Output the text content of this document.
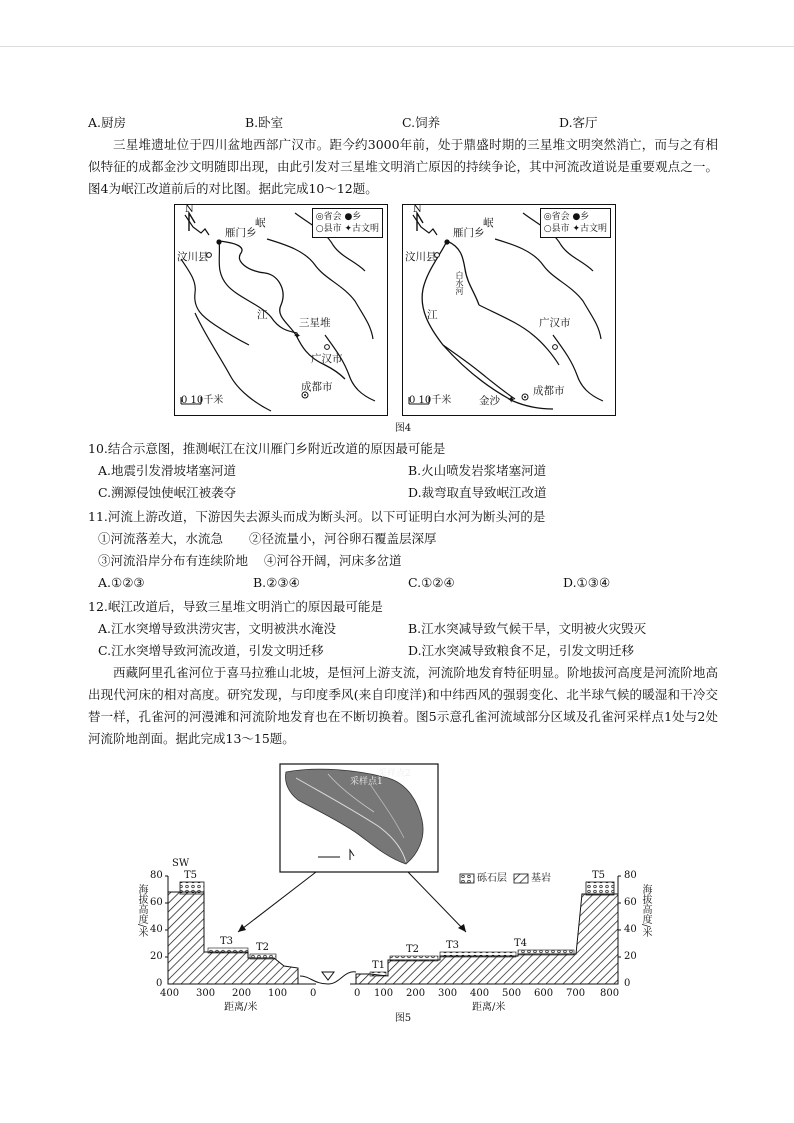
A.厨房	B.卧室	C.饲养	D.客厅

三星堆遗址位于四川盆地西部广汉市。距今约3000年前，处于鼎盛时期的三星堆文明突然消亡，而与之有相似特征的成都金沙文明随即出现，由此引发对三星堆文明消亡原因的持续争论，其中河流改道说是重要观点之一。图4为岷江改道前后的对比图。据此完成10～12题。

✦
◎省会 ●乡
○县市 ✦古文明
N
雁门乡
汶川县
岷
江
三星堆
广汉市
成都市
0 10千米	✦
◎省会 ●乡
○县市 ✦古文明
N
雁门乡
汶川县
岷
江
白水河
广汉市
金沙
成都市
0 10千米
图4
10.结合示意图，推测岷江在汶川雁门乡附近改道的原因最可能是
A.地震引发滑坡堵塞河道	B.火山喷发岩浆堵塞河道
C.溯源侵蚀使岷江被袭夺	D.裁弯取直导致岷江改道
11.河流上游改道，下游因失去源头而成为断头河。以下可证明白水河为断头河的是
①河流落差大，水流急 ②径流量小，河谷卵石覆盖层深厚
③河流沿岸分布有连续阶地 ④河谷开阔，河床多岔道
A.①②③	B.②③④	C.①②④	D.①③④
12.岷江改道后，导致三星堆文明消亡的原因最可能是
A.江水突增导致洪涝灾害，文明被洪水淹没	B.江水突减导致气候干旱，文明被火灾毁灭
C.江水突增导致河流改道，引发文明迁移	D.江水突减导致粮食不足，引发文明迁移

西藏阿里孔雀河位于喜马拉雅山北坡，是恒河上游支流，河流阶地发育特征明显。阶地拔河高度是河流阶地高出现代河床的相对高度。研究发现，与印度季风(来自印度洋)和中纬西风的强弱变化、北半球气候的暖湿和干冷交替一样，孔雀河的河漫滩和河流阶地发育也在不断切换着。图5示意孔雀河流域部分区域及孔雀河采样点1处与2处河流阶地剖面。据此完成13～15题。

SW
采样点1
采样点2
砾石层 基岩
80
60
40
20
0
80
60
40
20
0
海拔高度/米	海拔高度/米
400 300 200 100 0	0 100 200 300 400 500 600 700 800
距离/米	距离/米
T5
T3
T2
T1
T2	T3	T4
T5
图5
